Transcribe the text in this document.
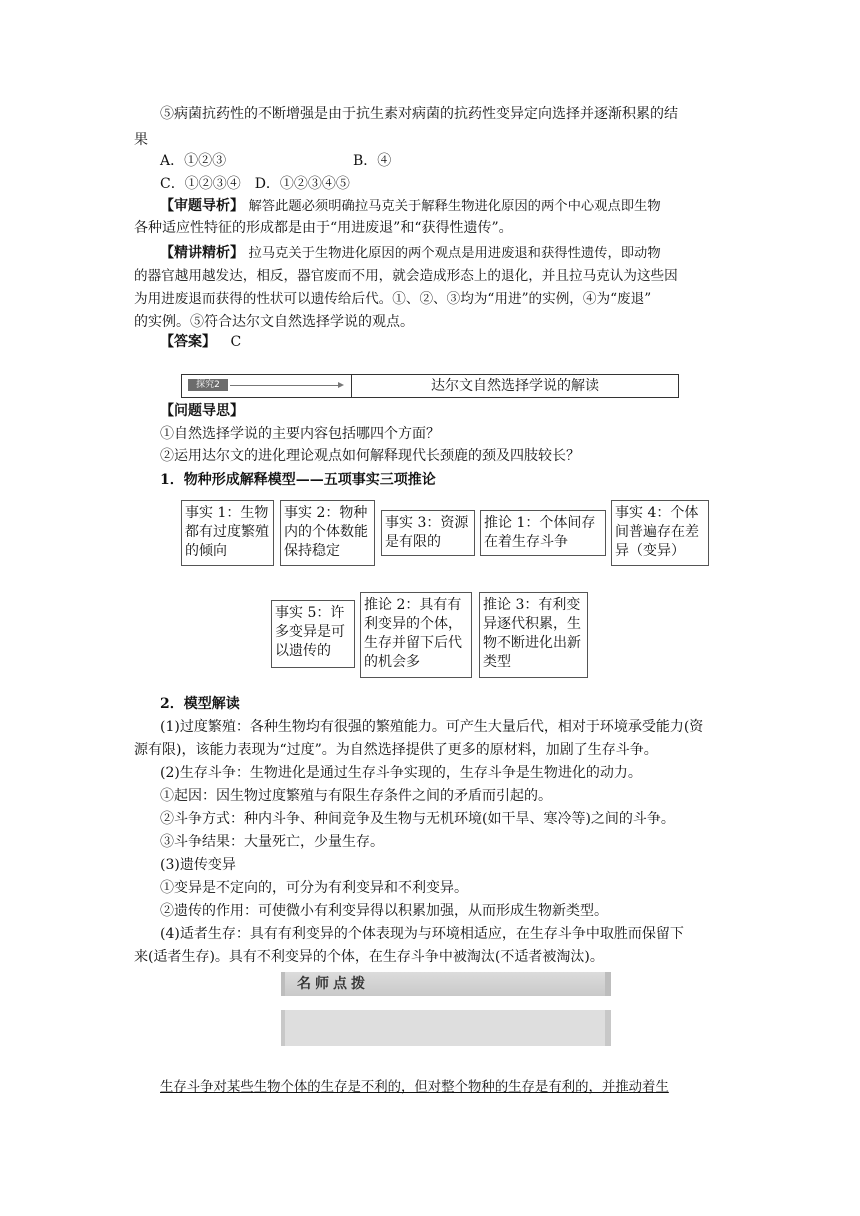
⑤病菌抗药性的不断增强是由于抗生素对病菌的抗药性变异定向选择并逐渐积累的结
果
A．①②③	B．④
C．①②③④　D．①②③④⑤
【审题导析】 解答此题必须明确拉马克关于解释生物进化原因的两个中心观点即生物
各种适应性特征的形成都是由于“用进废退”和“获得性遗传”。
【精讲精析】 拉马克关于生物进化原因的两个观点是用进废退和获得性遗传，即动物
的器官越用越发达，相反，器官废而不用，就会造成形态上的退化，并且拉马克认为这些因
为用进废退而获得的性状可以遗传给后代。①、②、③均为“用进”的实例，④为“废退”
的实例。⑤符合达尔文自然选择学说的观点。
【答案】 C
探究2	达尔文自然选择学说的解读
【问题导思】
①自然选择学说的主要内容包括哪四个方面？
②运用达尔文的进化理论观点如何解释现代长颈鹿的颈及四肢较长？
1．物种形成解释模型——五项事实三项推论
事实 1：生物都有过度繁殖的倾向
事实 2：物种内的个体数能保持稳定
事实 3：资源是有限的
推论 1：个体间存在着生存斗争
事实 4：个体间普遍存在差异（变异）
事实 5：许多变异是可以遗传的
推论 2：具有有利变异的个体，生存并留下后代的机会多
推论 3：有利变异逐代积累，生物不断进化出新类型
2．模型解读
(1)过度繁殖：各种生物均有很强的繁殖能力。可产生大量后代，相对于环境承受能力(资
源有限)，该能力表现为“过度”。为自然选择提供了更多的原材料，加剧了生存斗争。
(2)生存斗争：生物进化是通过生存斗争实现的，生存斗争是生物进化的动力。
①起因：因生物过度繁殖与有限生存条件之间的矛盾而引起的。
②斗争方式：种内斗争、种间竞争及生物与无机环境(如干旱、寒冷等)之间的斗争。
③斗争结果：大量死亡，少量生存。
(3)遗传变异
①变异是不定向的，可分为有利变异和不利变异。
②遗传的作用：可使微小有利变异得以积累加强，从而形成生物新类型。
(4)适者生存：具有有利变异的个体表现为与环境相适应，在生存斗争中取胜而保留下
来(适者生存)。具有不利变异的个体，在生存斗争中被淘汰(不适者被淘汰)。
名师点拨
生存斗争对某些生物个体的生存是不利的，但对整个物种的生存是有利的，并推动着生
